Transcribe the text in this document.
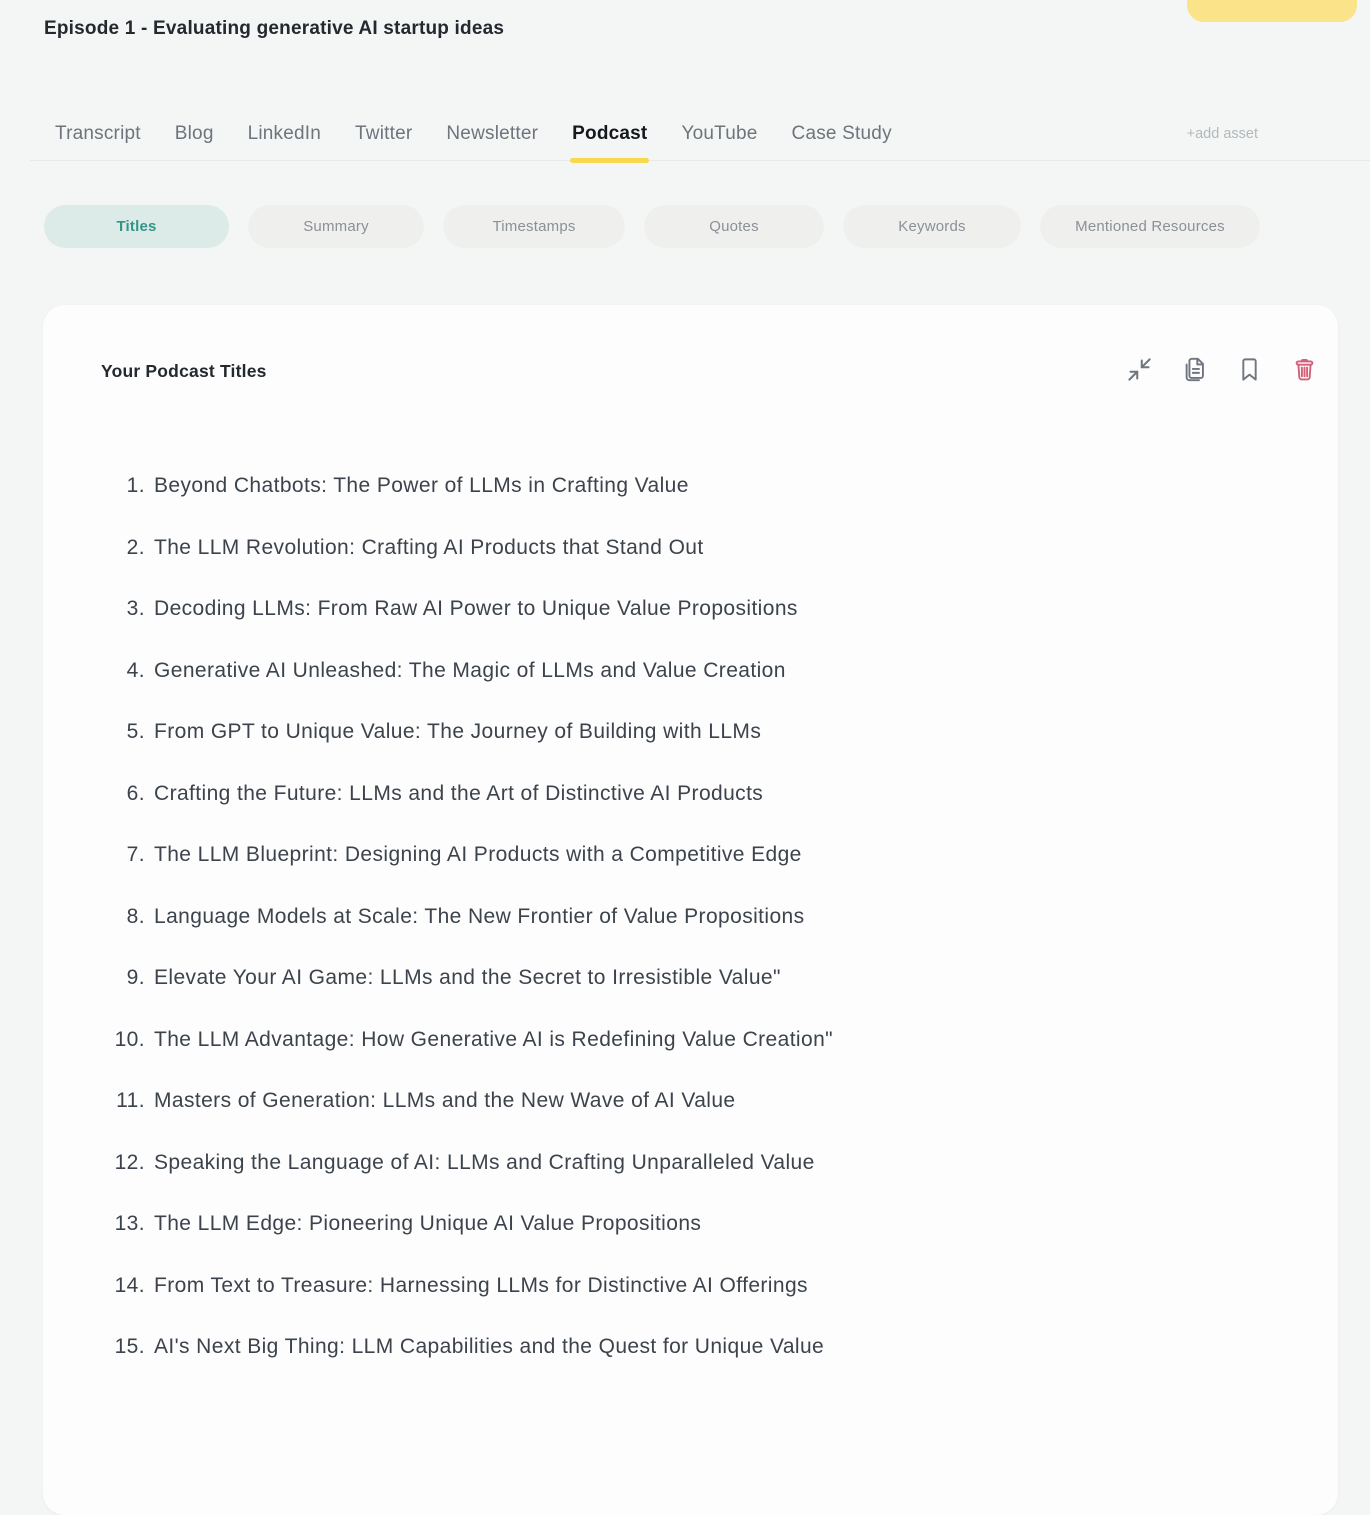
Episode 1 - Evaluating generative AI startup ideas
Transcript Blog LinkedIn Twitter Newsletter Podcast YouTube Case Study	+add asset
Titles	Summary	Timestamps	Quotes	Keywords	Mentioned Resources
Your Podcast Titles
1. Beyond Chatbots: The Power of LLMs in Crafting Value
2. The LLM Revolution: Crafting AI Products that Stand Out
3. Decoding LLMs: From Raw AI Power to Unique Value Propositions
4. Generative AI Unleashed: The Magic of LLMs and Value Creation
5. From GPT to Unique Value: The Journey of Building with LLMs
6. Crafting the Future: LLMs and the Art of Distinctive AI Products
7. The LLM Blueprint: Designing AI Products with a Competitive Edge
8. Language Models at Scale: The New Frontier of Value Propositions
9. Elevate Your AI Game: LLMs and the Secret to Irresistible Value"
10. The LLM Advantage: How Generative AI is Redefining Value Creation"
11. Masters of Generation: LLMs and the New Wave of AI Value
12. Speaking the Language of AI: LLMs and Crafting Unparalleled Value
13. The LLM Edge: Pioneering Unique AI Value Propositions
14. From Text to Treasure: Harnessing LLMs for Distinctive AI Offerings
15. AI's Next Big Thing: LLM Capabilities and the Quest for Unique Value
